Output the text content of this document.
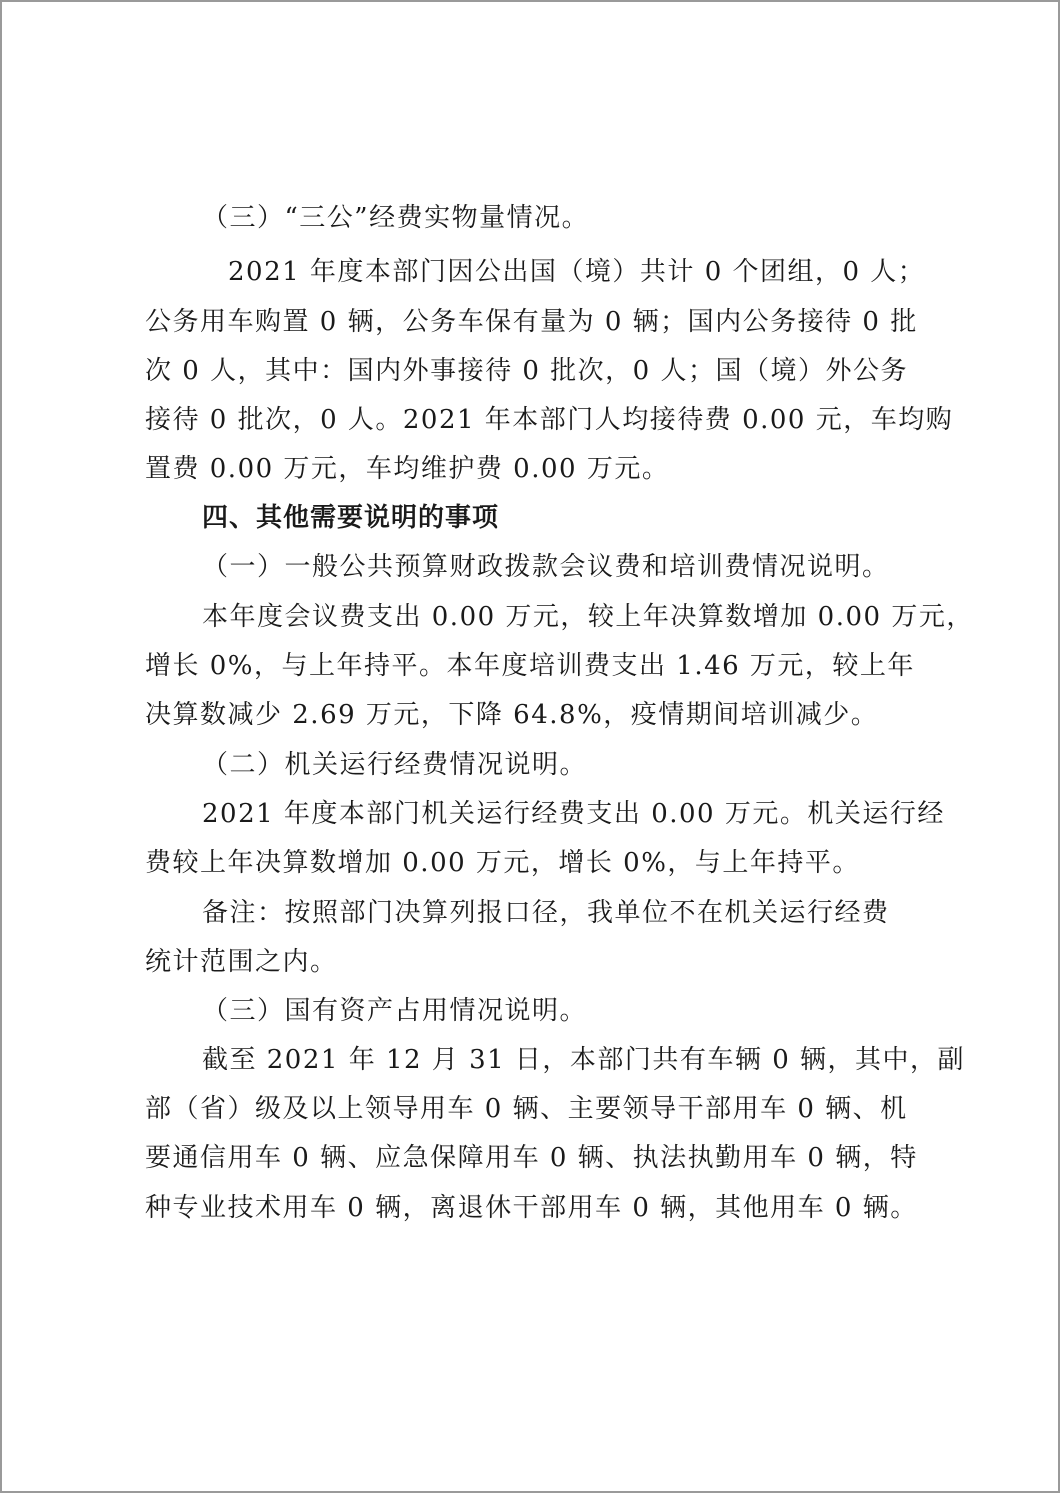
（三）“三公”经费实物量情况。
2021 年度本部门因公出国（境）共计 0 个团组，0 人；
公务用车购置 0 辆，公务车保有量为 0 辆；国内公务接待 0 批
次 0 人，其中：国内外事接待 0 批次，0 人；国（境）外公务
接待 0 批次，0 人。2021 年本部门人均接待费 0.00 元，车均购
置费 0.00 万元，车均维护费 0.00 万元。
四、其他需要说明的事项
（一）一般公共预算财政拨款会议费和培训费情况说明。
本年度会议费支出 0.00 万元，较上年决算数增加 0.00 万元，
增长 0%，与上年持平。本年度培训费支出 1.46 万元，较上年
决算数减少 2.69 万元，下降 64.8%，疫情期间培训减少。
（二）机关运行经费情况说明。
2021 年度本部门机关运行经费支出 0.00 万元。机关运行经
费较上年决算数增加 0.00 万元，增长 0%，与上年持平。
备注：按照部门决算列报口径，我单位不在机关运行经费
统计范围之内。
（三）国有资产占用情况说明。
截至 2021 年 12 月 31 日，本部门共有车辆 0 辆，其中，副
部（省）级及以上领导用车 0 辆、主要领导干部用车 0 辆、机
要通信用车 0 辆、应急保障用车 0 辆、执法执勤用车 0 辆，特
种专业技术用车 0 辆，离退休干部用车 0 辆，其他用车 0 辆。
